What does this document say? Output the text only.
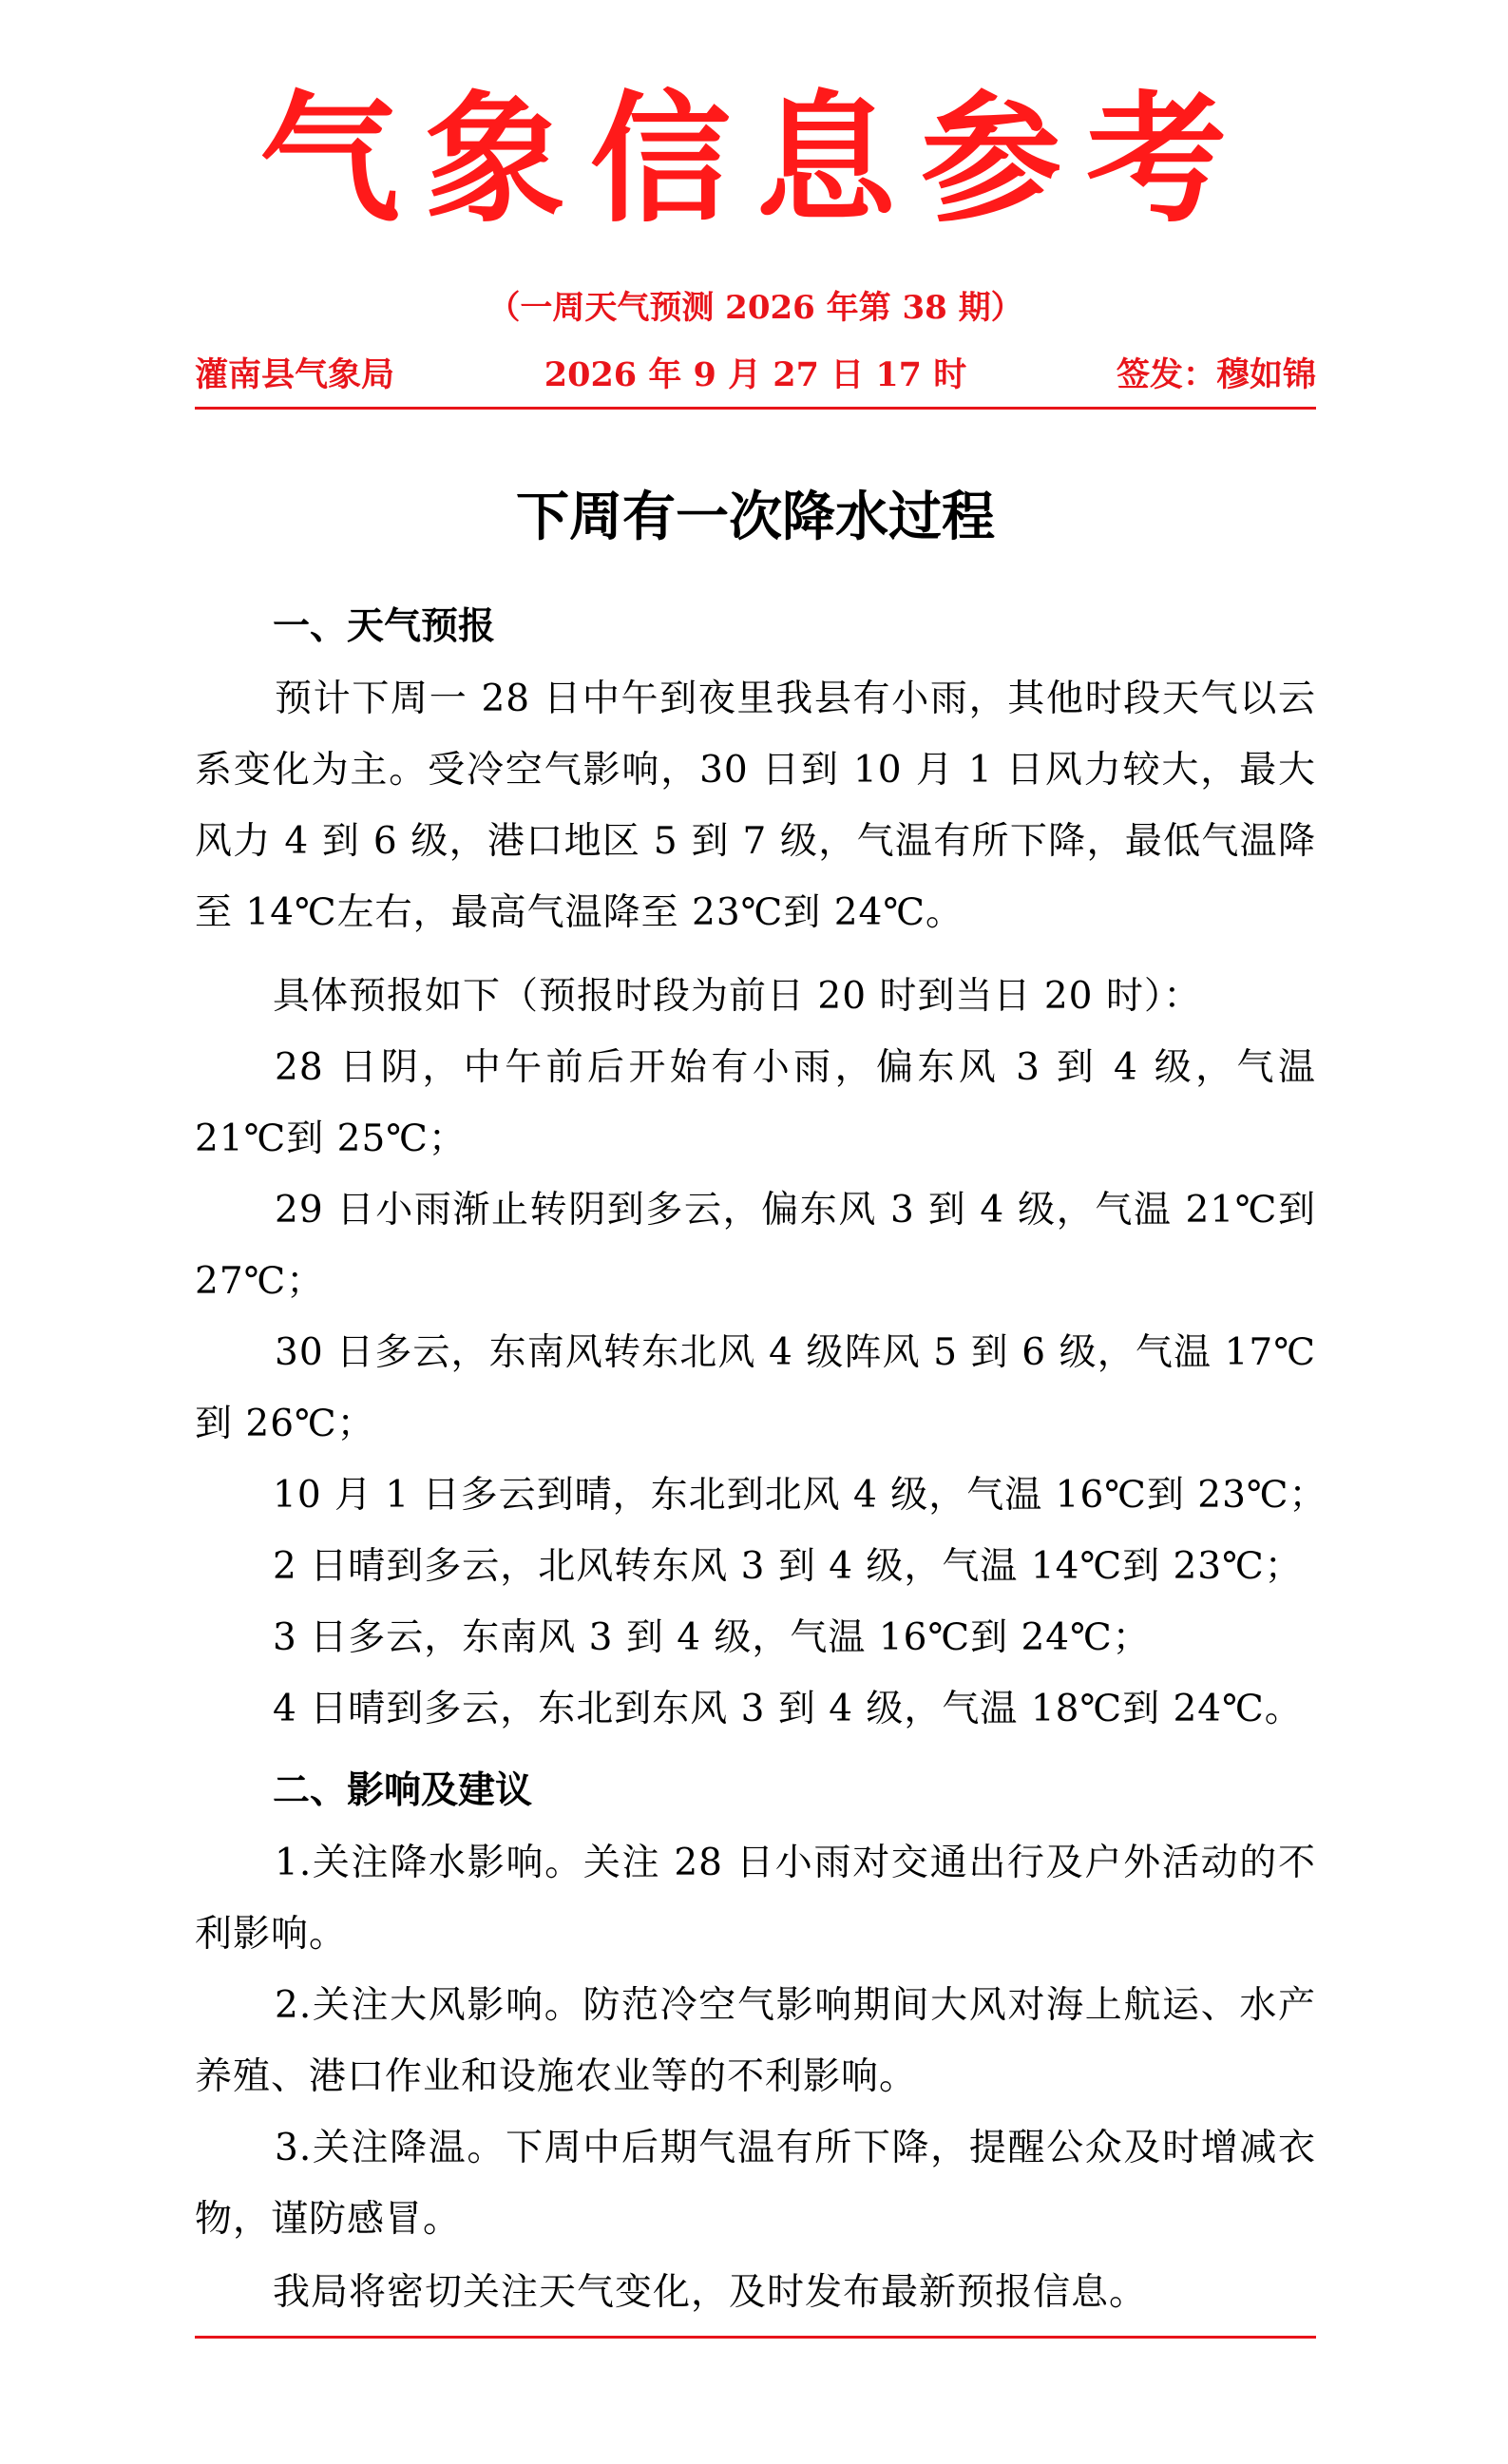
气象信息参考
（一周天气预测 2026 年第 38 期）
灌南县气象局	2026 年 9 月 27 日 17 时	签发：穆如锦
下周有一次降水过程
一、天气预报
预计下周一 28 日中午到夜里我县有小雨，其他时段天气以云系变化为主。受冷空气影响，30 日到 10 月 1 日风力较大，最大风力 4 到 6 级，港口地区 5 到 7 级，气温有所下降，最低气温降至 14℃左右，最高气温降至 23℃到 24℃。
具体预报如下（预报时段为前日 20 时到当日 20 时）：
28 日阴，中午前后开始有小雨，偏东风 3 到 4 级，气温 21℃到 25℃；
29 日小雨渐止转阴到多云，偏东风 3 到 4 级，气温 21℃到 27℃；
30 日多云，东南风转东北风 4 级阵风 5 到 6 级，气温 17℃到 26℃；
10 月 1 日多云到晴，东北到北风 4 级，气温 16℃到 23℃；
2 日晴到多云，北风转东风 3 到 4 级，气温 14℃到 23℃；
3 日多云，东南风 3 到 4 级，气温 16℃到 24℃；
4 日晴到多云，东北到东风 3 到 4 级，气温 18℃到 24℃。
二、影响及建议
1.关注降水影响。关注 28 日小雨对交通出行及户外活动的不利影响。
2.关注大风影响。防范冷空气影响期间大风对海上航运、水产养殖、港口作业和设施农业等的不利影响。
3.关注降温。下周中后期气温有所下降，提醒公众及时增减衣物，谨防感冒。
我局将密切关注天气变化，及时发布最新预报信息。
